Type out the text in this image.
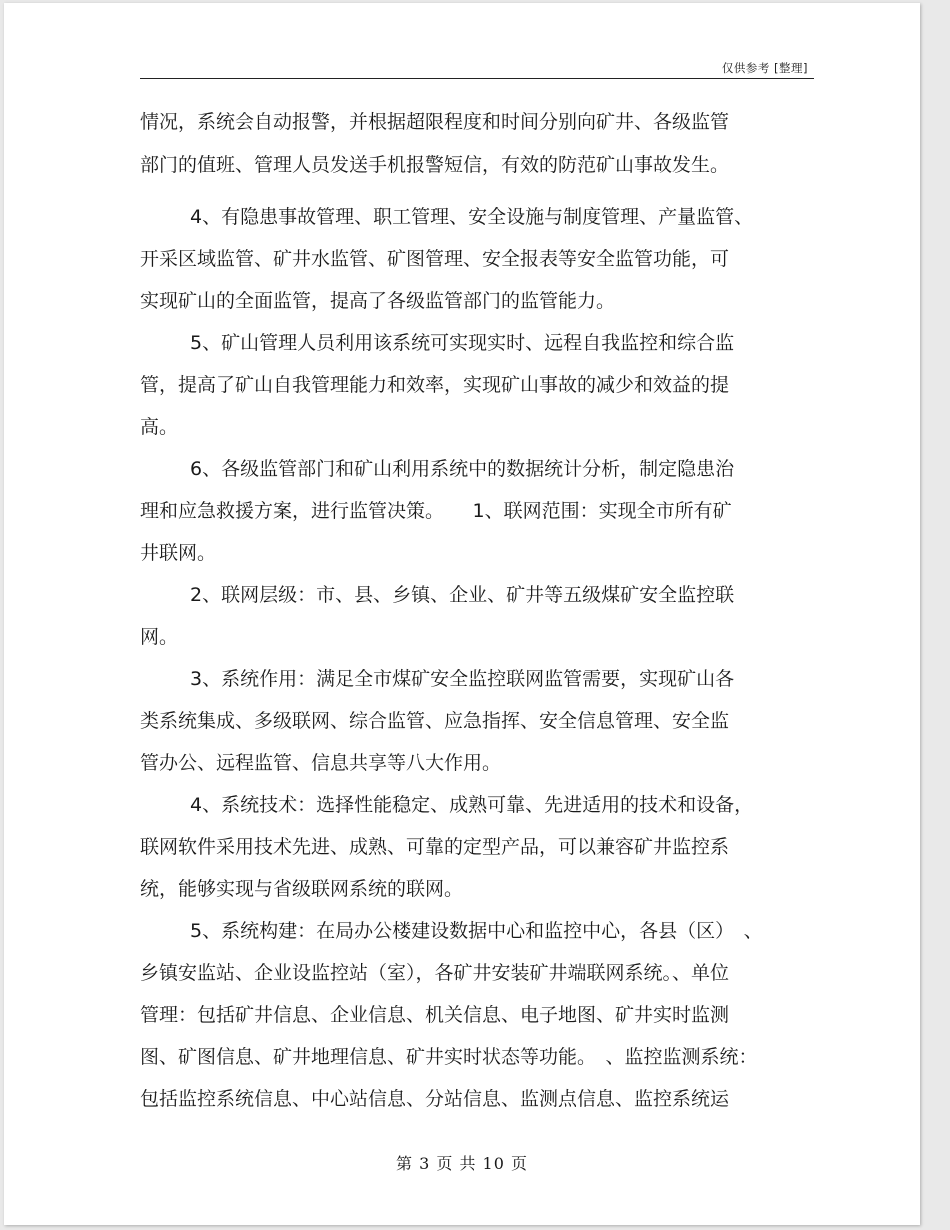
仅供参考 [整理]
情况，系统会自动报警，并根据超限程度和时间分别向矿井、各级监管
部门的值班、管理人员发送手机报警短信，有效的防范矿山事故发生。
4、有隐患事故管理、职工管理、安全设施与制度管理、产量监管、
开采区域监管、矿井水监管、矿图管理、安全报表等安全监管功能，可
实现矿山的全面监管，提高了各级监管部门的监管能力。
5、矿山管理人员利用该系统可实现实时、远程自我监控和综合监
管，提高了矿山自我管理能力和效率，实现矿山事故的减少和效益的提
高。
6、各级监管部门和矿山利用系统中的数据统计分析，制定隐患治
理和应急救援方案，进行监管决策。　　1、联网范围：实现全市所有矿
井联网。
2、联网层级：市、县、乡镇、企业、矿井等五级煤矿安全监控联
网。
3、系统作用：满足全市煤矿安全监控联网监管需要，实现矿山各
类系统集成、多级联网、综合监管、应急指挥、安全信息管理、安全监
管办公、远程监管、信息共享等八大作用。
4、系统技术：选择性能稳定、成熟可靠、先进适用的技术和设备，
联网软件采用技术先进、成熟、可靠的定型产品，可以兼容矿井监控系
统，能够实现与省级联网系统的联网。
5、系统构建：在局办公楼建设数据中心和监控中心，各县（区）　、
乡镇安监站、企业设监控站（室），各矿井安装矿井端联网系统。、单位
管理：包括矿井信息、企业信息、机关信息、电子地图、矿井实时监测
图、矿图信息、矿井地理信息、矿井实时状态等功能。　、监控监测系统：
包括监控系统信息、中心站信息、分站信息、监测点信息、监控系统运
第 3 页 共 10 页
